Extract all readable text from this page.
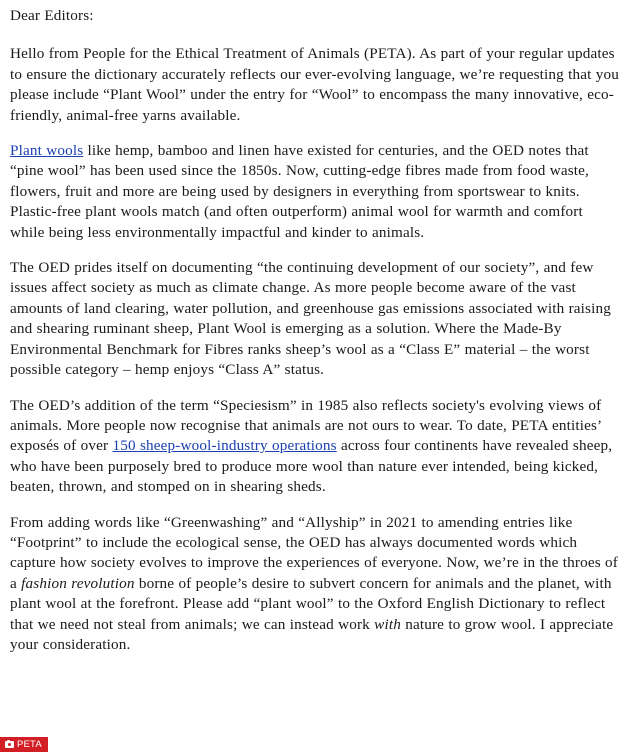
Dear Editors:

Hello from People for the Ethical Treatment of Animals (PETA). As part of your regular updates to ensure the dictionary accurately reflects our ever-evolving language, we’re requesting that you please include “Plant Wool” under the entry for “Wool” to encompass the many innovative, eco-friendly, animal-free yarns available.

Plant wools like hemp, bamboo and linen have existed for centuries, and the OED notes that “pine wool” has been used since the 1850s. Now, cutting-edge fibres made from food waste, flowers, fruit and more are being used by designers in everything from sportswear to knits. Plastic-free plant wools match (and often outperform) animal wool for warmth and comfort while being less environmentally impactful and kinder to animals.

The OED prides itself on documenting “the continuing development of our society”, and few issues affect society as much as climate change. As more people become aware of the vast amounts of land clearing, water pollution, and greenhouse gas emissions associated with raising and shearing ruminant sheep, Plant Wool is emerging as a solution. Where the Made-By Environmental Benchmark for Fibres ranks sheep’s wool as a “Class E” material – the worst possible category – hemp enjoys “Class A” status.

The OED’s addition of the term “Speciesism” in 1985 also reflects society's evolving views of animals. More people now recognise that animals are not ours to wear. To date, PETA entities’ exposés of over 150 sheep-wool-industry operations across four continents have revealed sheep, who have been purposely bred to produce more wool than nature ever intended, being kicked, beaten, thrown, and stomped on in shearing sheds.

From adding words like “Greenwashing” and “Allyship” in 2021 to amending entries like “Footprint” to include the ecological sense, the OED has always documented words which capture how society evolves to improve the experiences of everyone. Now, we’re in the throes of a fashion revolution borne of people’s desire to subvert concern for animals and the planet, with plant wool at the forefront. Please add “plant wool” to the Oxford English Dictionary to reflect that we need not steal from animals; we can instead work with nature to grow wool. I appreciate your consideration.

PETA
